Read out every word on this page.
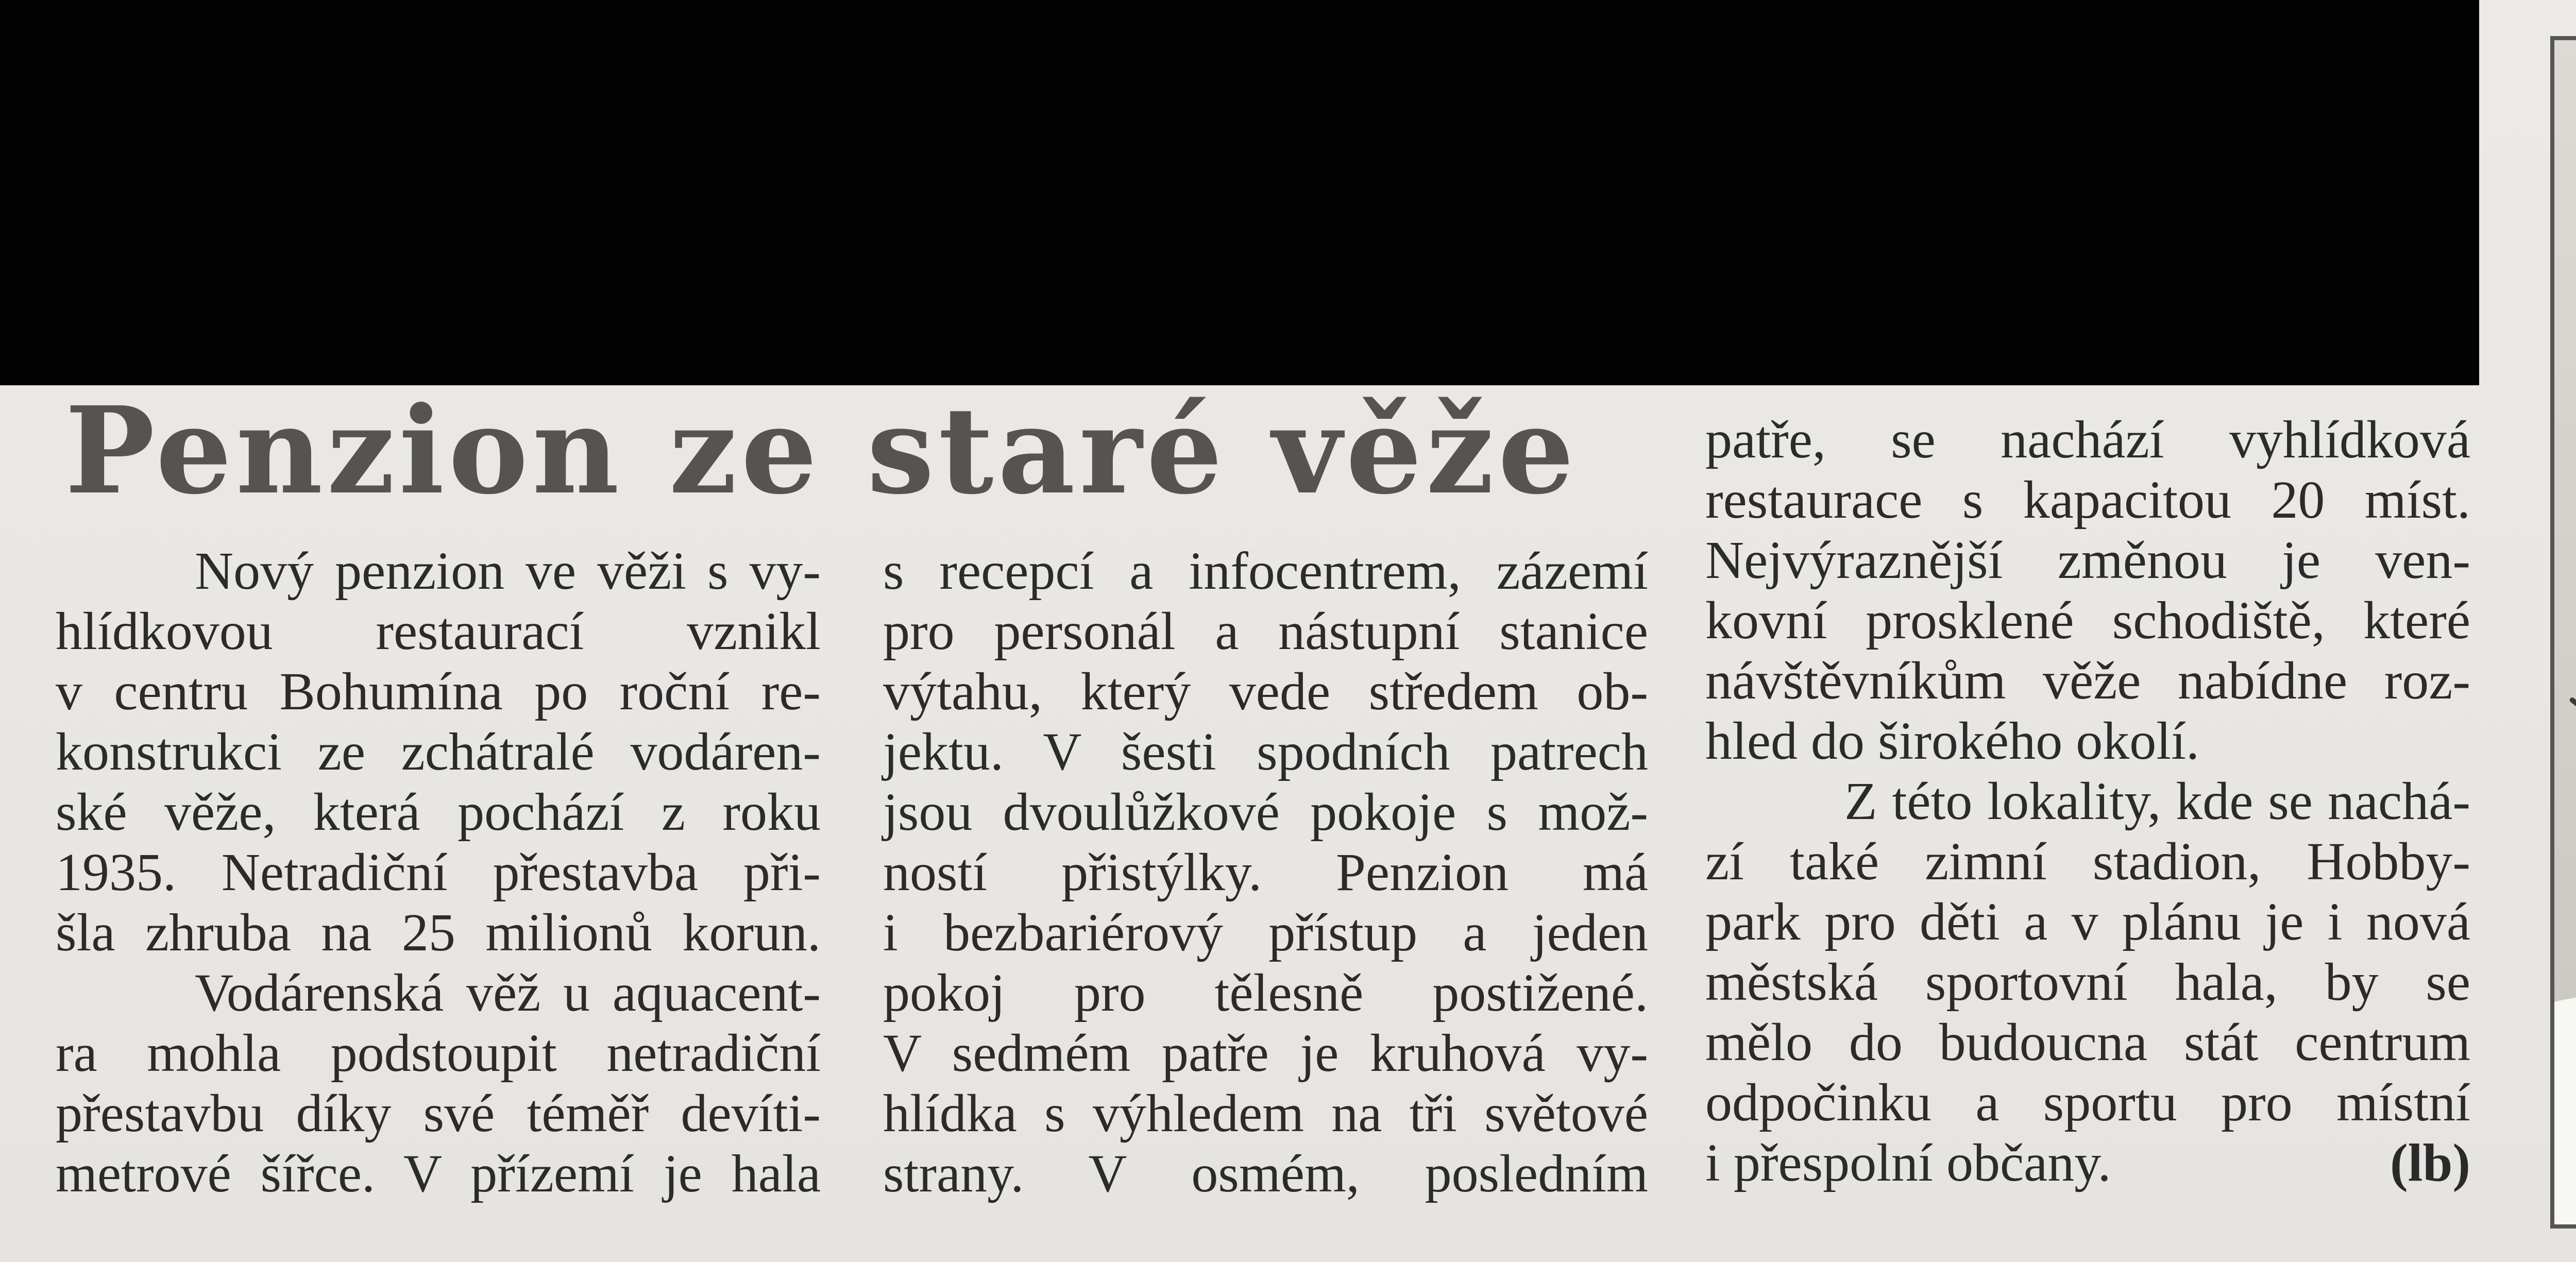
Penzion ze staré věže
Nový penzion ve věži s vy-
hlídkovou restaurací vznikl
v centru Bohumína po roční re-
konstrukci ze zchátralé vodáren-
ské věže, která pochází z roku
1935. Netradiční přestavba při-
šla zhruba na 25 milionů korun.
Vodárenská věž u aquacent-
ra mohla podstoupit netradiční
přestavbu díky své téměř devíti-
metrové šířce. V přízemí je hala
s recepcí a infocentrem, zázemí
pro personál a nástupní stanice
výtahu, který vede středem ob-
jektu. V šesti spodních patrech
jsou dvoulůžkové pokoje s mož-
ností přistýlky. Penzion má
i bezbariérový přístup a jeden
pokoj pro tělesně postižené.
V sedmém patře je kruhová vy-
hlídka s výhledem na tři světové
strany. V osmém, posledním
patře, se nachází vyhlídková
restaurace s kapacitou 20 míst.
Nejvýraznější změnou je ven-
kovní prosklené schodiště, které
návštěvníkům věže nabídne roz-
hled do širokého okolí.
Z této lokality, kde se nachá-
zí také zimní stadion, Hobby-
park pro děti a v plánu je i nová
městská sportovní hala, by se
mělo do budoucna stát centrum
odpočinku a sportu pro místní
i přespolní občany.	(lb)
